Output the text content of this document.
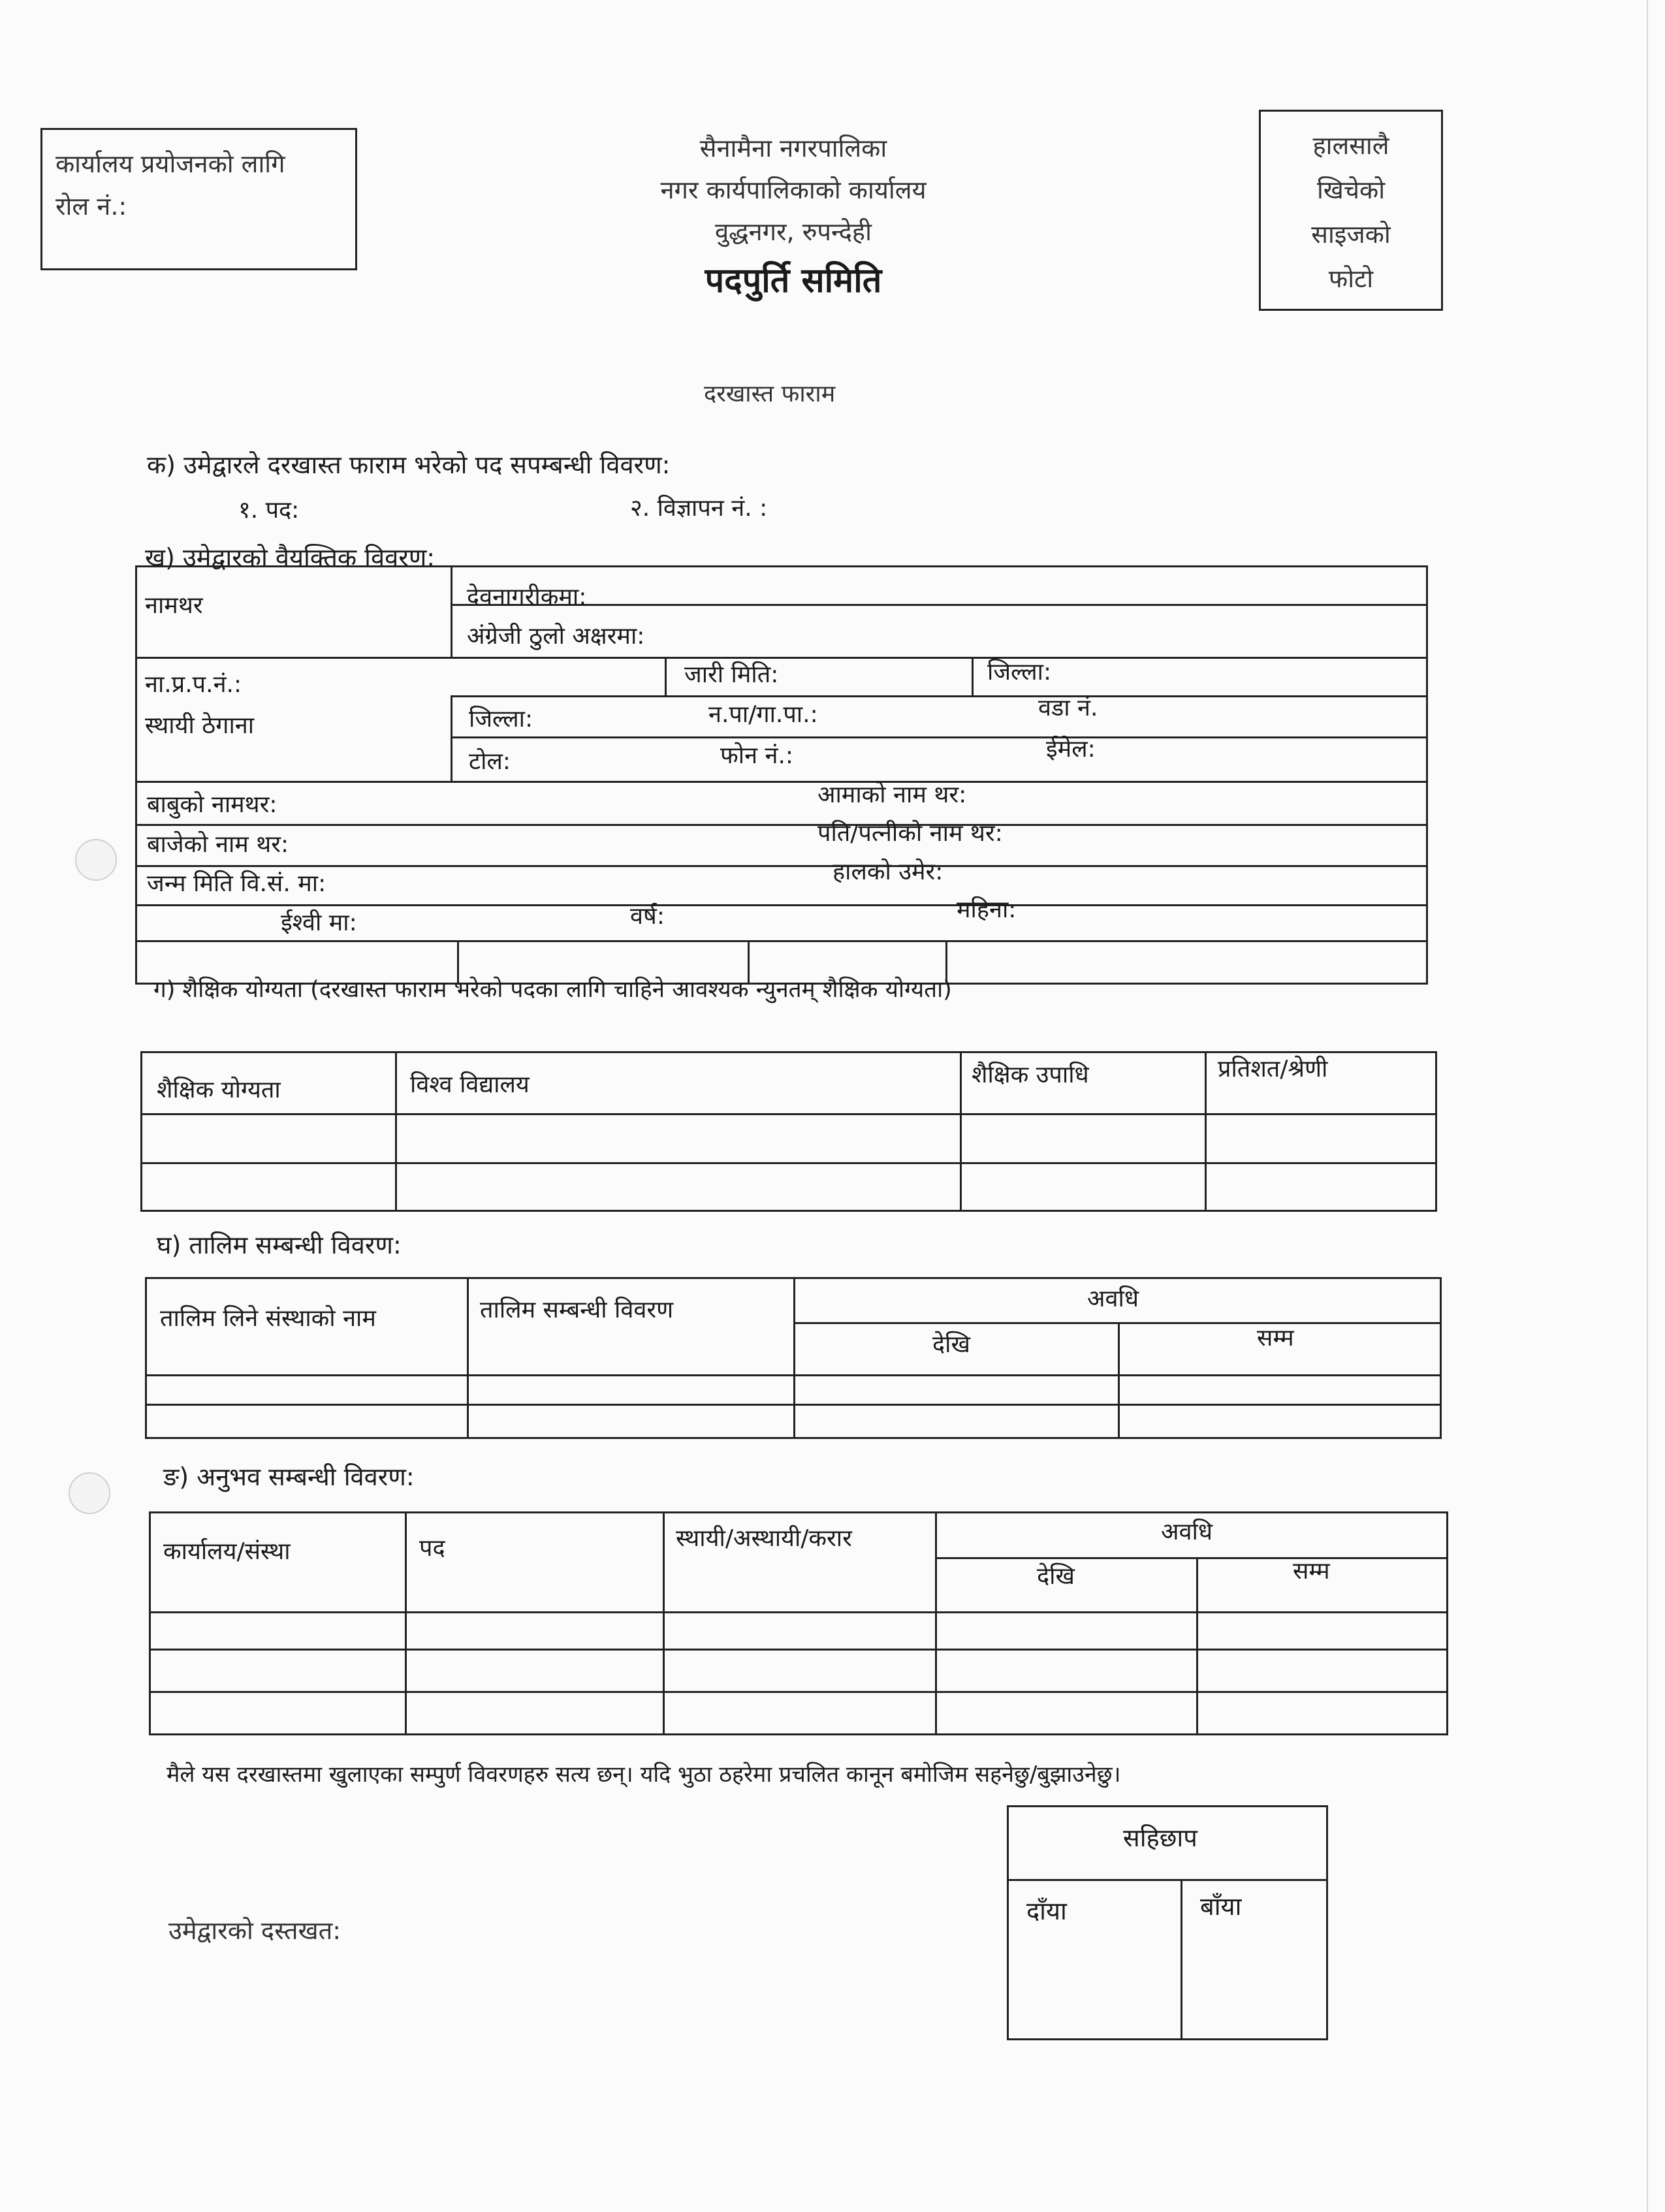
कार्यालय प्रयोजनको लागि
रोल नं.:
सैनामैना नगरपालिका
नगर कार्यपालिकाको कार्यालय
वुद्धनगर, रुपन्देही
पदपुर्ति समिति
दरखास्त फाराम
हालसालै
खिचेको
साइजको
फोटो
क) उमेद्वारले दरखास्त फाराम भरेको पद सपम्बन्धी विवरण:
१. पद:	२. विज्ञापन नं. :
ख) उमेद्वारको वैयक्तिक विवरण:
नामथर	देवनागरीकमा:
अंग्रेजी ठुलो अक्षरमा:
ना.प्र.प.नं.:	जारी मिति:	जिल्ला:
स्थायी ठेगाना	जिल्ला:	न.पा/गा.पा.:	वडा नं.
टोल:	फोन नं.:	ईमेल:
बाबुको नामथर:	आमाको नाम थर:
बाजेको नाम थर:	पति/पत्नीको नाम थर:
जन्म मिति वि.सं. मा:	हालको उमेर:
ईश्वी मा:	वर्ष:	महिना:
ग) शैक्षिक योग्यता (दरखास्त फाराम भरेको पदका लागि चाहिने आवश्यक न्युनतम् शैक्षिक योग्यता)
शैक्षिक योग्यता	विश्व विद्यालय	शैक्षिक उपाधि	प्रतिशत/श्रेणी
घ) तालिम सम्बन्धी विवरण:
तालिम लिने संस्थाको नाम	तालिम सम्बन्धी विवरण	अवधि
देखि	सम्म
ङ) अनुभव सम्बन्धी विवरण:
कार्यालय/संस्था	पद	स्थायी/अस्थायी/करार	अवधि
देखि	सम्म
मैले यस दरखास्तमा खुलाएका सम्पुर्ण विवरणहरु सत्य छन्। यदि भुठा ठहरेमा प्रचलित कानून बमोजिम सहनेछु/बुझाउनेछु।
उमेद्वारको दस्तखत:
सहिछाप
दाँया	बाँया
